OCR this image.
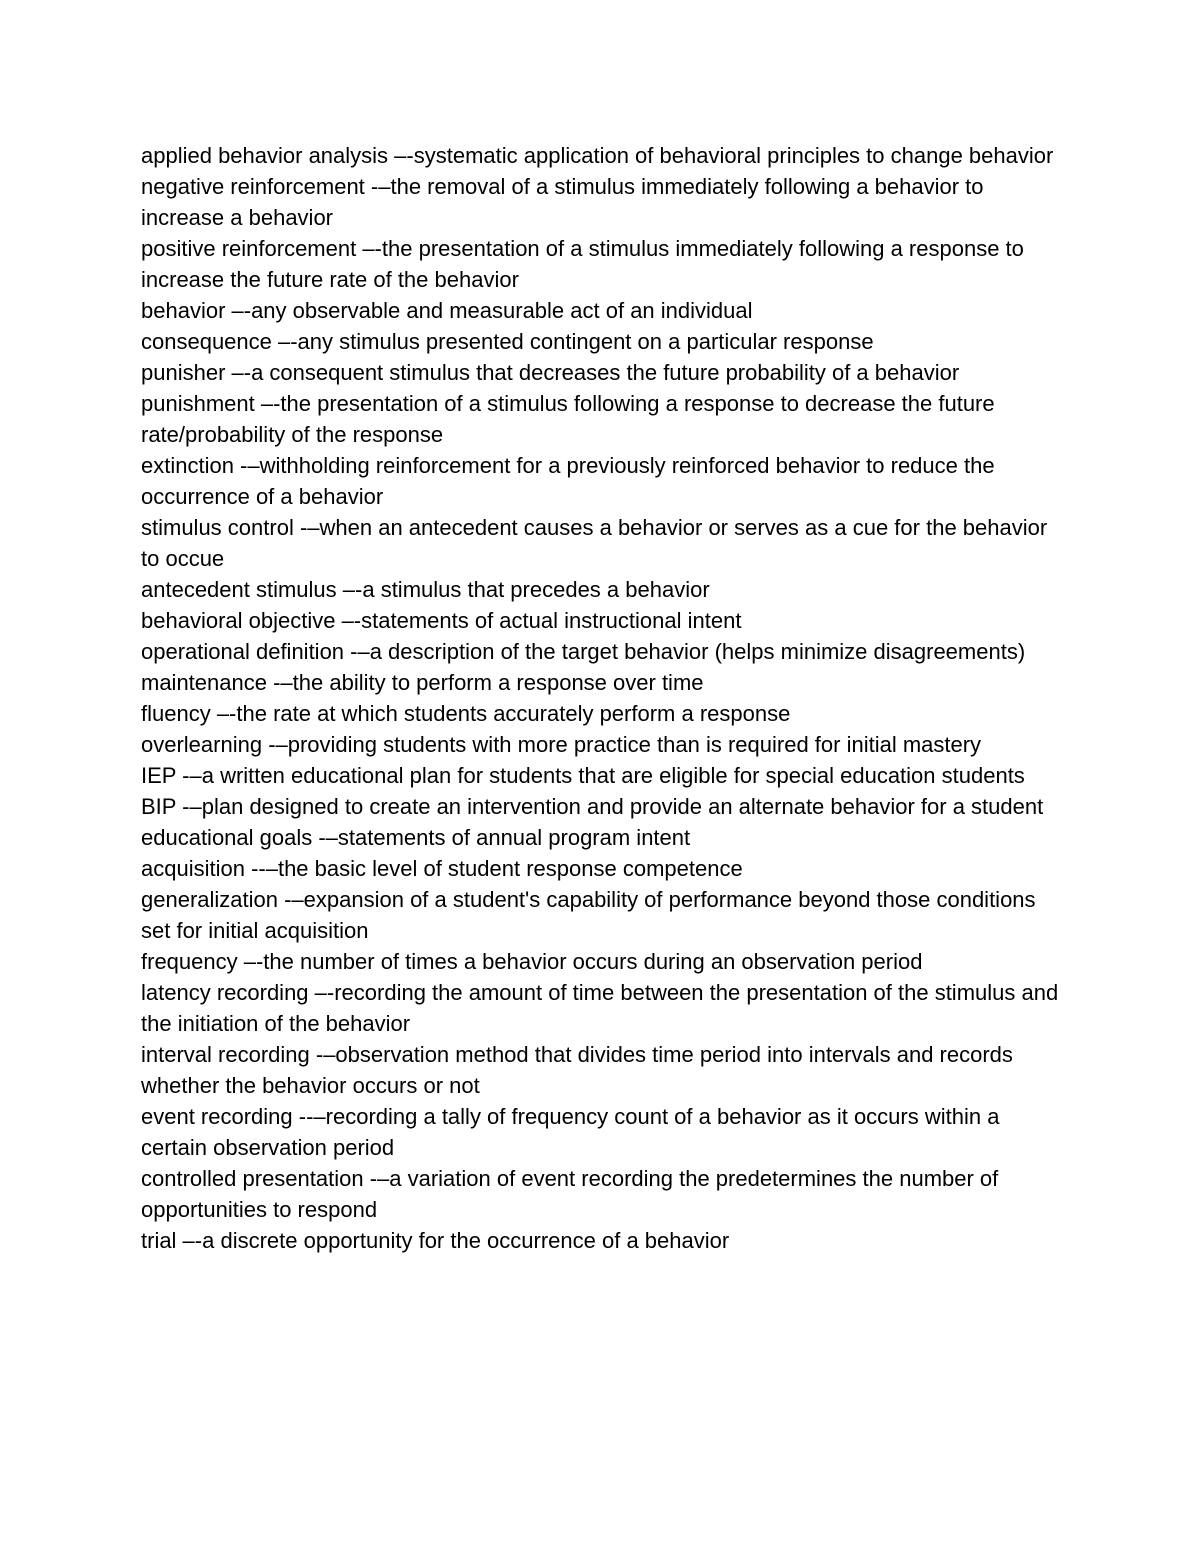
applied behavior analysis –-systematic application of behavioral principles to change behavior

negative reinforcement -–the removal of a stimulus immediately following a behavior to increase a behavior

positive reinforcement –-the presentation of a stimulus immediately following a response to increase the future rate of the behavior

behavior –-any observable and measurable act of an individual

consequence –-any stimulus presented contingent on a particular response

punisher –-a consequent stimulus that decreases the future probability of a behavior

punishment –-the presentation of a stimulus following a response to decrease the future rate/probability of the response

extinction -–withholding reinforcement for a previously reinforced behavior to reduce the occurrence of a behavior

stimulus control -–when an antecedent causes a behavior or serves as a cue for the behavior to occue

antecedent stimulus –-a stimulus that precedes a behavior

behavioral objective –-statements of actual instructional intent

operational definition -–a description of the target behavior (helps minimize disagreements)

maintenance -–the ability to perform a response over time

fluency –-the rate at which students accurately perform a response

overlearning -–providing students with more practice than is required for initial mastery

IEP -–a written educational plan for students that are eligible for special education students

BIP -–plan designed to create an intervention and provide an alternate behavior for a student

educational goals -–statements of annual program intent

acquisition --–the basic level of student response competence

generalization -–expansion of a student's capability of performance beyond those conditions set for initial acquisition

frequency –-the number of times a behavior occurs during an observation period

latency recording –-recording the amount of time between the presentation of the stimulus and the initiation of the behavior

interval recording -–observation method that divides time period into intervals and records whether the behavior occurs or not

event recording --–recording a tally of frequency count of a behavior as it occurs within a certain observation period

controlled presentation -–a variation of event recording the predetermines the number of opportunities to respond

trial –-a discrete opportunity for the occurrence of a behavior
